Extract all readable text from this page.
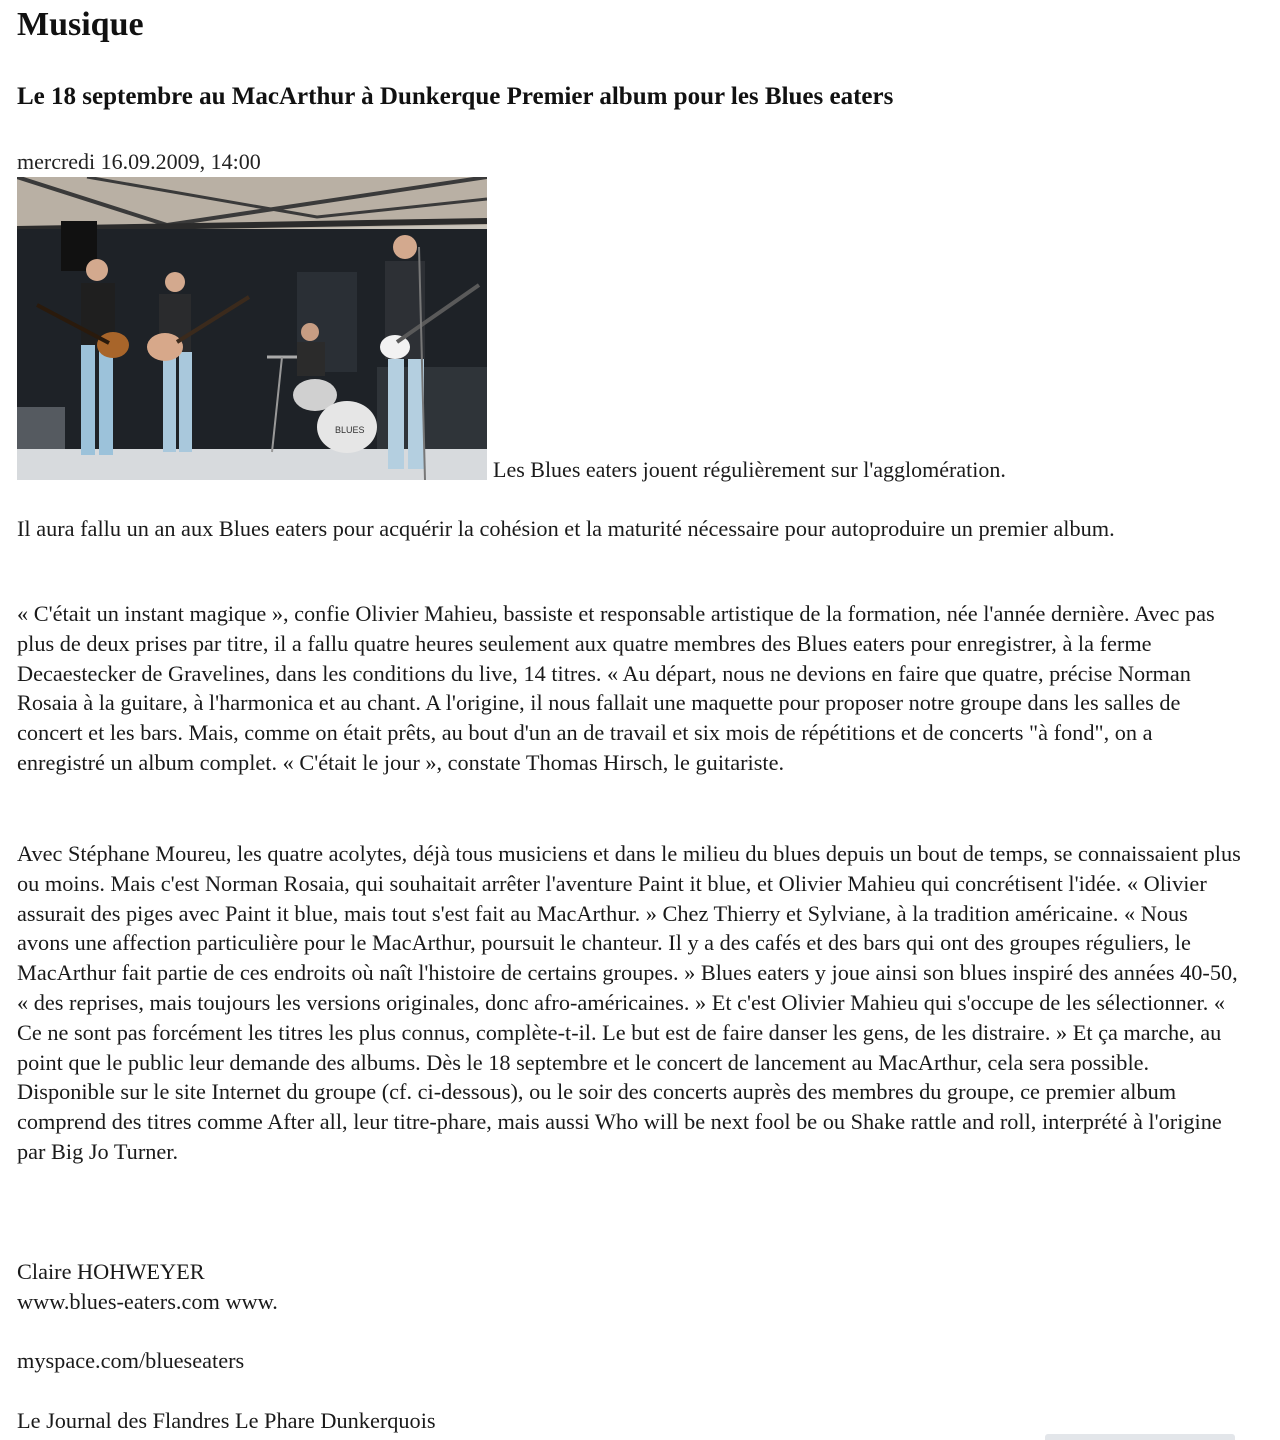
Musique
Le 18 septembre au MacArthur à Dunkerque Premier album pour les Blues eaters
mercredi 16.09.2009, 14:00
BLUES
Les Blues eaters jouent régulièrement sur l'agglomération.

Il aura fallu un an aux Blues eaters pour acquérir la cohésion et la maturité nécessaire pour autoproduire un premier album.

« C'était un instant magique », confie Olivier Mahieu, bassiste et responsable artistique de la formation, née l'année dernière. Avec pas plus de deux prises par titre, il a fallu quatre heures seulement aux quatre membres des Blues eaters pour enregistrer, à la ferme Decaestecker de Gravelines, dans les conditions du live, 14 titres. « Au départ, nous ne devions en faire que quatre, précise Norman Rosaia à la guitare, à l'harmonica et au chant. A l'origine, il nous fallait une maquette pour proposer notre groupe dans les salles de concert et les bars. Mais, comme on était prêts, au bout d'un an de travail et six mois de répétitions et de concerts "à fond", on a enregistré un album complet. « C'était le jour », constate Thomas Hirsch, le guitariste.

Avec Stéphane Moureu, les quatre acolytes, déjà tous musiciens et dans le milieu du blues depuis un bout de temps, se connaissaient plus ou moins. Mais c'est Norman Rosaia, qui souhaitait arrêter l'aventure Paint it blue, et Olivier Mahieu qui concrétisent l'idée. « Olivier assurait des piges avec Paint it blue, mais tout s'est fait au MacArthur. » Chez Thierry et Sylviane, à la tradition américaine. « Nous avons une affection particulière pour le MacArthur, poursuit le chanteur. Il y a des cafés et des bars qui ont des groupes réguliers, le MacArthur fait partie de ces endroits où naît l'histoire de certains groupes. » Blues eaters y joue ainsi son blues inspiré des années 40-50, « des reprises, mais toujours les versions originales, donc afro-américaines. » Et c'est Olivier Mahieu qui s'occupe de les sélectionner. « Ce ne sont pas forcément les titres les plus connus, complète-t-il. Le but est de faire danser les gens, de les distraire. » Et ça marche, au point que le public leur demande des albums. Dès le 18 septembre et le concert de lancement au MacArthur, cela sera possible. Disponible sur le site Internet du groupe (cf. ci-dessous), ou le soir des concerts auprès des membres du groupe, ce premier album comprend des titres comme After all, leur titre-phare, mais aussi Who will be next fool be ou Shake rattle and roll, interprété à l'origine par Big Jo Turner.

Claire HOHWEYER
www.blues-eaters.com www.
myspace.com/blueseaters
Le Journal des Flandres Le Phare Dunkerquois
